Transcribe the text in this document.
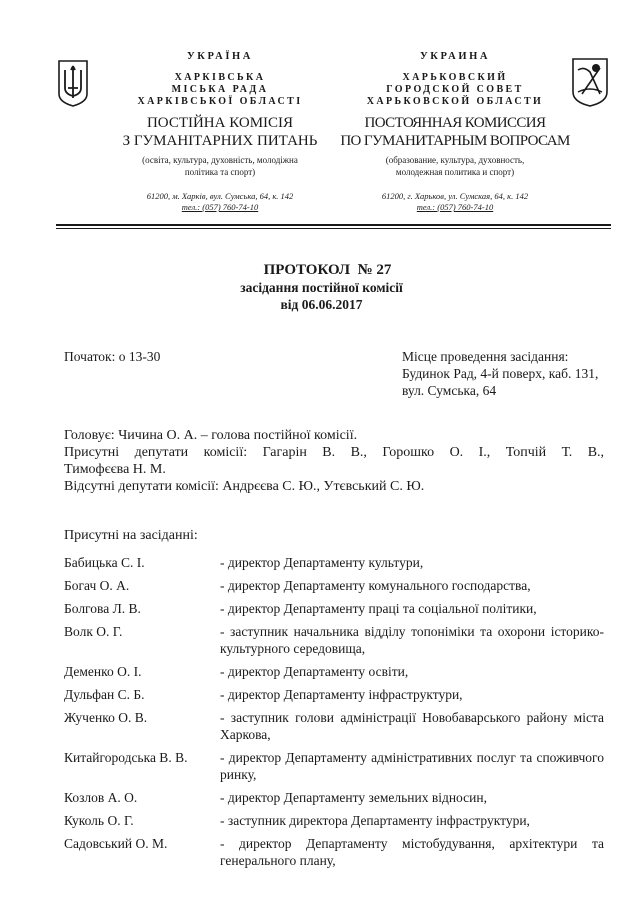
УКРАЇНА
ХАРКІВСЬКА
МІСЬКА РАДА
ХАРКІВСЬКОЇ ОБЛАСТІ
ПОСТІЙНА КОМІСІЯ
З ГУМАНІТАРНИХ ПИТАНЬ
(освіта, культура, духовність, молодіжна
політика та спорт)
61200, м. Харків, вул. Сумська, 64, к. 142
тел.: (057) 760-74-10
УКРАИНА
ХАРЬКОВСКИЙ
ГОРОДСКОЙ СОВЕТ
ХАРЬКОВСКОЙ ОБЛАСТИ
ПОСТОЯННАЯ КОМИССИЯ
ПО ГУМАНИТАРНЫМ ВОПРОСАМ
(образование, культура, духовность,
молодежная политика и спорт)
61200, г. Харьков, ул. Сумская, 64, к. 142
тел.: (057) 760-74-10
ПРОТОКОЛ  № 27
засідання постійної комісії
від 06.06.2017
Початок: о 13-30	Місце проведення засідання:
Будинок Рад, 4-й поверх, каб. 131,
вул. Сумська, 64
Головує: Чичина О. А. – голова постійної комісії.
Присутні депутати комісії: Гагарін В. В., Горошко О. І., Топчій Т. В.,
Тимофєєва Н. М.
Відсутні депутати комісії: Андрєєва С. Ю., Утєвський С. Ю.
Присутні на засіданні:
Бабицька С. І.	- директор Департаменту культури,
Богач О. А.	- директор Департаменту комунального господарства,
Болгова Л. В.	- директор Департаменту праці та соціальної політики,
Волк О. Г.	- заступник начальника відділу топоніміки та охорони історико-культурного середовища,
Деменко О. І.	- директор Департаменту освіти,
Дульфан С. Б.	- директор Департаменту інфраструктури,
Жученко О. В.	- заступник голови адміністрації Новобаварського району міста Харкова,
Китайгородська В. В.	- директор Департаменту адміністративних послуг та споживчого ринку,
Козлов А. О.	- директор Департаменту земельних відносин,
Куколь О. Г.	- заступник директора Департаменту інфраструктури,
Садовський О. М.	- директор Департаменту містобудування, архітектури та генерального плану,
